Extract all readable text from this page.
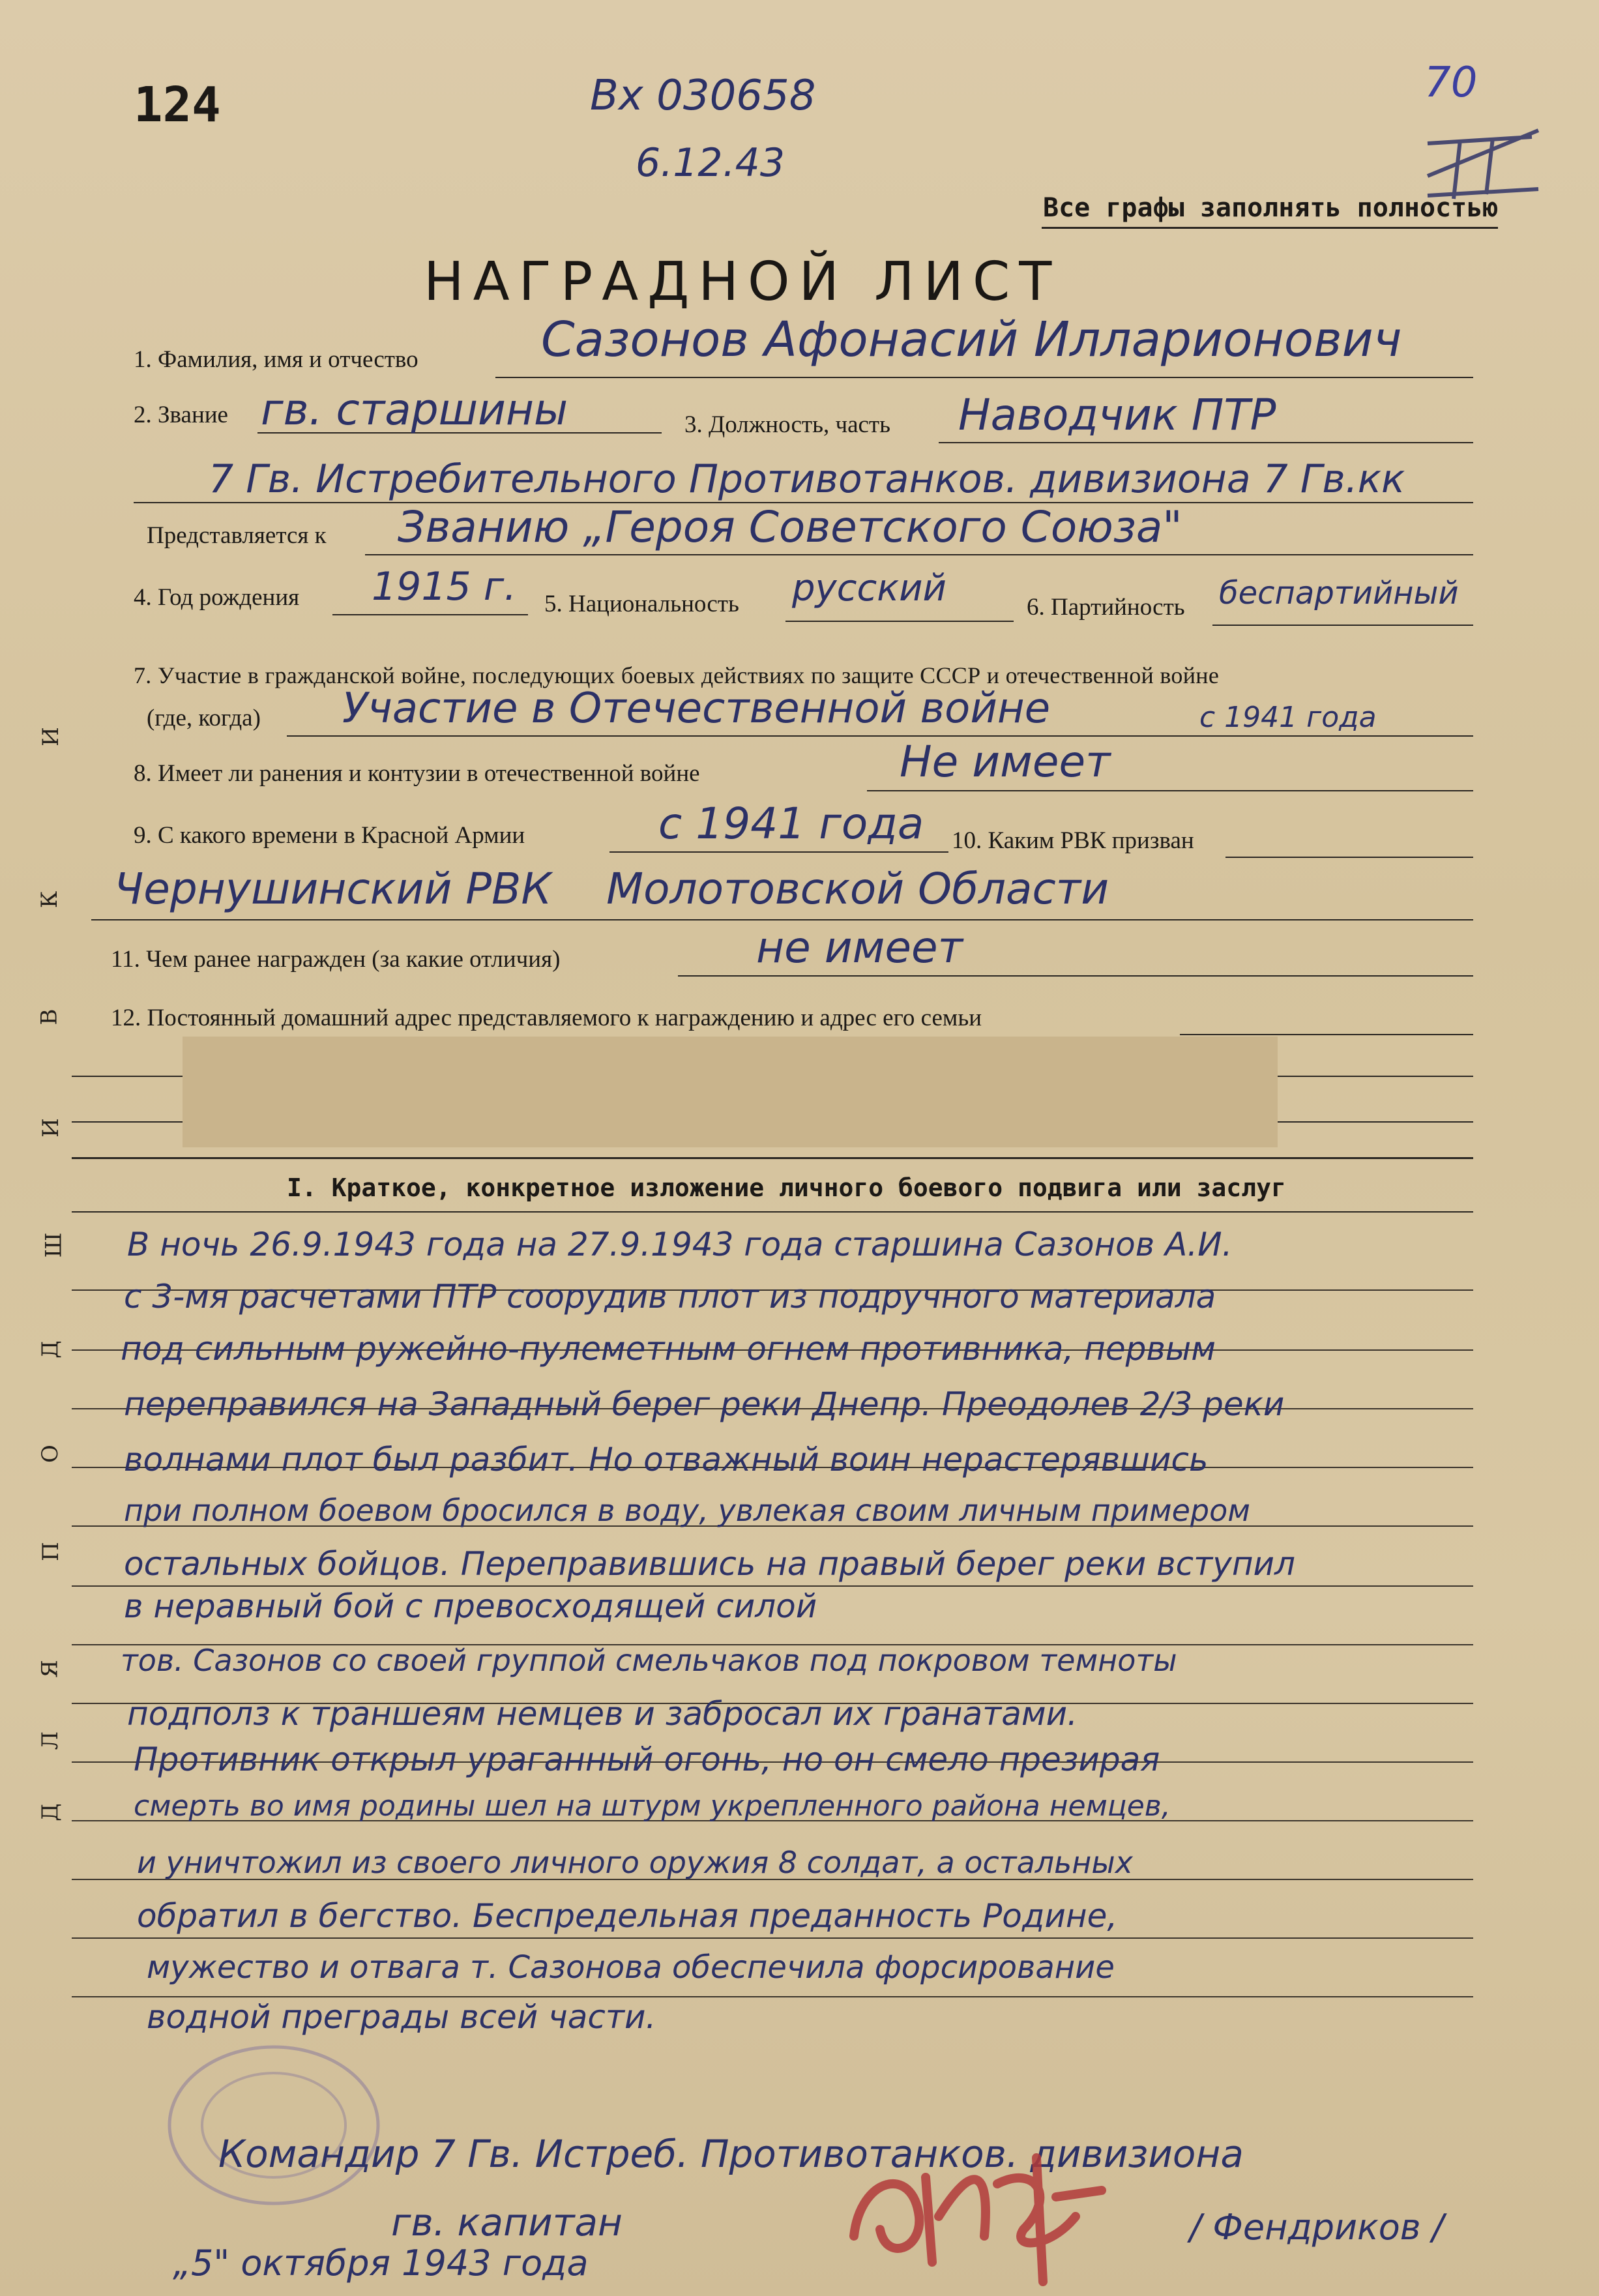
124	Вх 030658
6.12.43
70
Все графы заполнять полностью
НАГРАДНОЙ ЛИСТ
1. Фамилия, имя и отчество	Сазонов Афонасий Илларионович
2. Звание гв. старшины	3. Должность, часть Наводчик ПТР
7 Гв. Истребительного Противотанков. дивизиона 7 Гв.кк
Представляется к Званию „Героя Советского Союза"
4. Год рождения 1915 г. 5. Национальность русский	6. Партийность беспартийный
7. Участие в гражданской войне, последующих боевых действиях по защите СССР и отечественной войне
(где, когда) Участие в Отечественной войне	с 1941 года
8. Имеет ли ранения и контузии в отечественной войне	Не имеет
9. С какого времени в Красной Армии	с 1941 года 10. Каким РВК призван
Чернушинский РВК    Молотовской Области
11. Чем ранее награжден (за какие отличия)	не имеет
12. Постоянный домашний адрес представляемого к награждению и адрес его семьи
I. Краткое, конкретное изложение личного боевого подвига или заслуг
В ночь 26.9.1943 года на 27.9.1943 года старшина Сазонов А.И.
с 3-мя расчетами ПТР соорудив плот из подручного материала
под сильным ружейно-пулеметным огнем противника, первым
переправился на Западный берег реки Днепр. Преодолев 2/3 реки
волнами плот был разбит. Но отважный воин нерастерявшись
при полном боевом бросился в воду, увлекая своим личным примером
остальных бойцов. Переправившись на правый берег реки вступил
в неравный бой с превосходящей силой
тов. Сазонов со своей группой смельчаков под покровом темноты
подполз к траншеям немцев и забросал их гранатами.
Противник открыл ураганный огонь, но он смело презирая
смерть во имя родины шел на штурм укрепленного района немцев,
и уничтожил из своего личного оружия 8 солдат, а остальных
обратил в бегство. Беспредельная преданность Родине,
мужество и отвага т. Сазонова обеспечила форсирование
водной преграды всей части.
Д
Л
Я
П
О
Д
Ш
И
В
К
И
Командир 7 Гв. Истреб. Противотанков. дивизиона
гв. капитан	/ Фендриков /
„5" октября 1943 года
